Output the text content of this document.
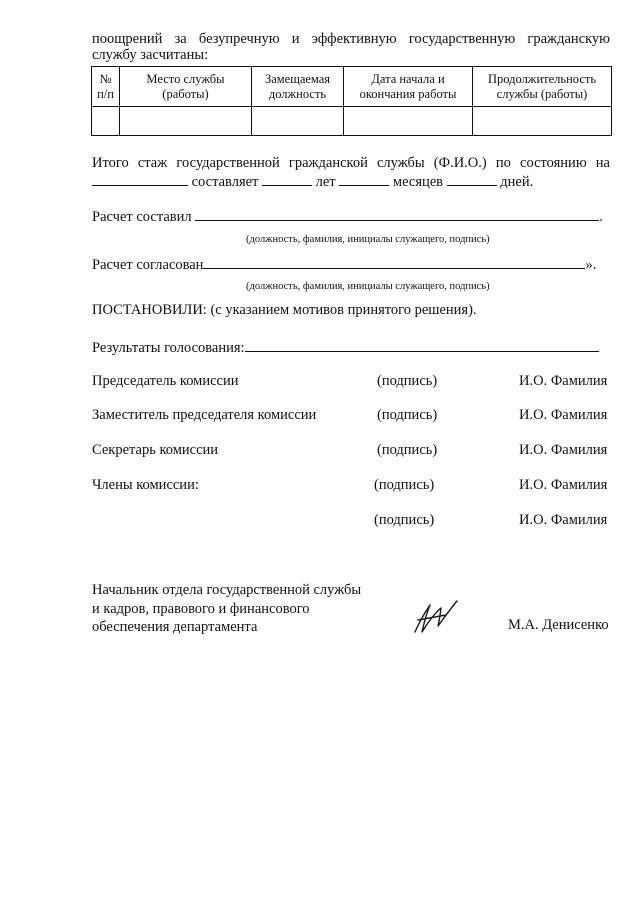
поощрений за безупречную и эффективную государственную гражданскую
службу засчитаны:
№ п/п	Место службы (работы)	Замещаемая должность	Дата начала и окончания работы	Продолжительность службы (работы)

Итого стаж государственной гражданской службы (Ф.И.О.) по состоянию на
составляет	лет	месяцев	дней.
Расчет составил	.
(должность, фамилия, инициалы служащего, подпись)
Расчет согласован	».
(должность, фамилия, инициалы служащего, подпись)
ПОСТАНОВИЛИ: (с указанием мотивов принятого решения).
Результаты голосования:
Председатель комиссии	(подпись)	И.О. Фамилия
Заместитель председателя комиссии	(подпись)	И.О. Фамилия
Секретарь комиссии	(подпись)	И.О. Фамилия
Члены комиссии:	(подпись)	И.О. Фамилия
(подпись)	И.О. Фамилия
Начальник отдела государственной службы
и кадров, правового и финансового
обеспечения департамента	М.А. Денисенко
